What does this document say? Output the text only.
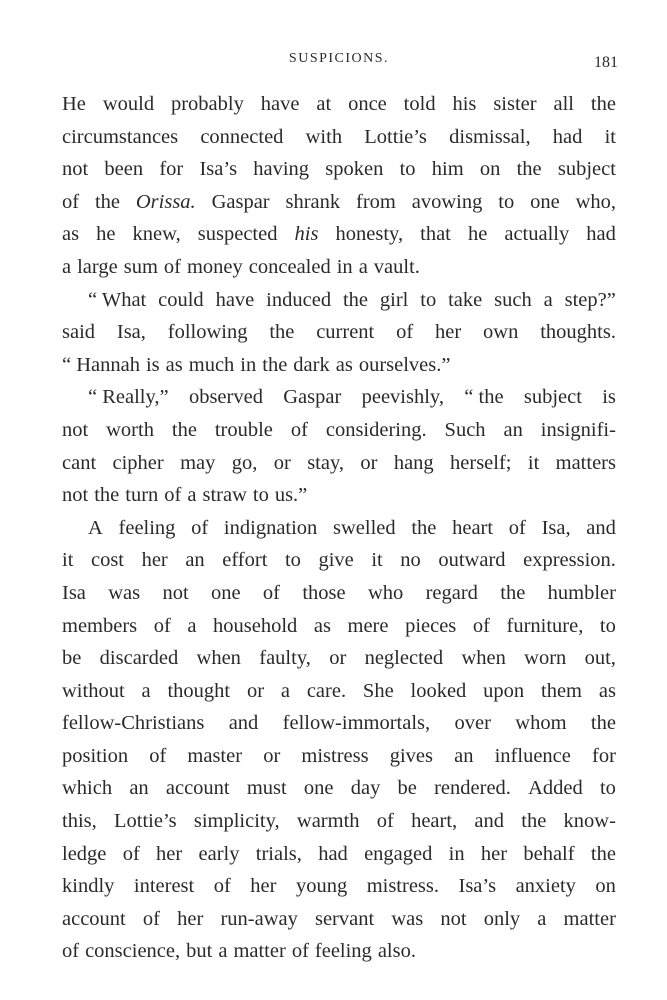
SUSPICIONS.	181
He would probably have at once told his sister all the
circumstances connected with Lottie’s dismissal, had it
not been for Isa’s having spoken to him on the subject
of the Orissa. Gaspar shrank from avowing to one who,
as he knew, suspected his honesty, that he actually had
a large sum of money concealed in a vault.
“ What could have induced the girl to take such a step?”
said Isa, following the current of her own thoughts.
“ Hannah is as much in the dark as ourselves.”
“ Really,” observed Gaspar peevishly, “ the subject is
not worth the trouble of considering. Such an insignifi-
cant cipher may go, or stay, or hang herself; it matters
not the turn of a straw to us.”
A feeling of indignation swelled the heart of Isa, and
it cost her an effort to give it no outward expression.
Isa was not one of those who regard the humbler
members of a household as mere pieces of furniture, to
be discarded when faulty, or neglected when worn out,
without a thought or a care. She looked upon them as
fellow-Christians and fellow-immortals, over whom the
position of master or mistress gives an influence for
which an account must one day be rendered. Added to
this, Lottie’s simplicity, warmth of heart, and the know-
ledge of her early trials, had engaged in her behalf the
kindly interest of her young mistress. Isa’s anxiety on
account of her run-away servant was not only a matter
of conscience, but a matter of feeling also.
